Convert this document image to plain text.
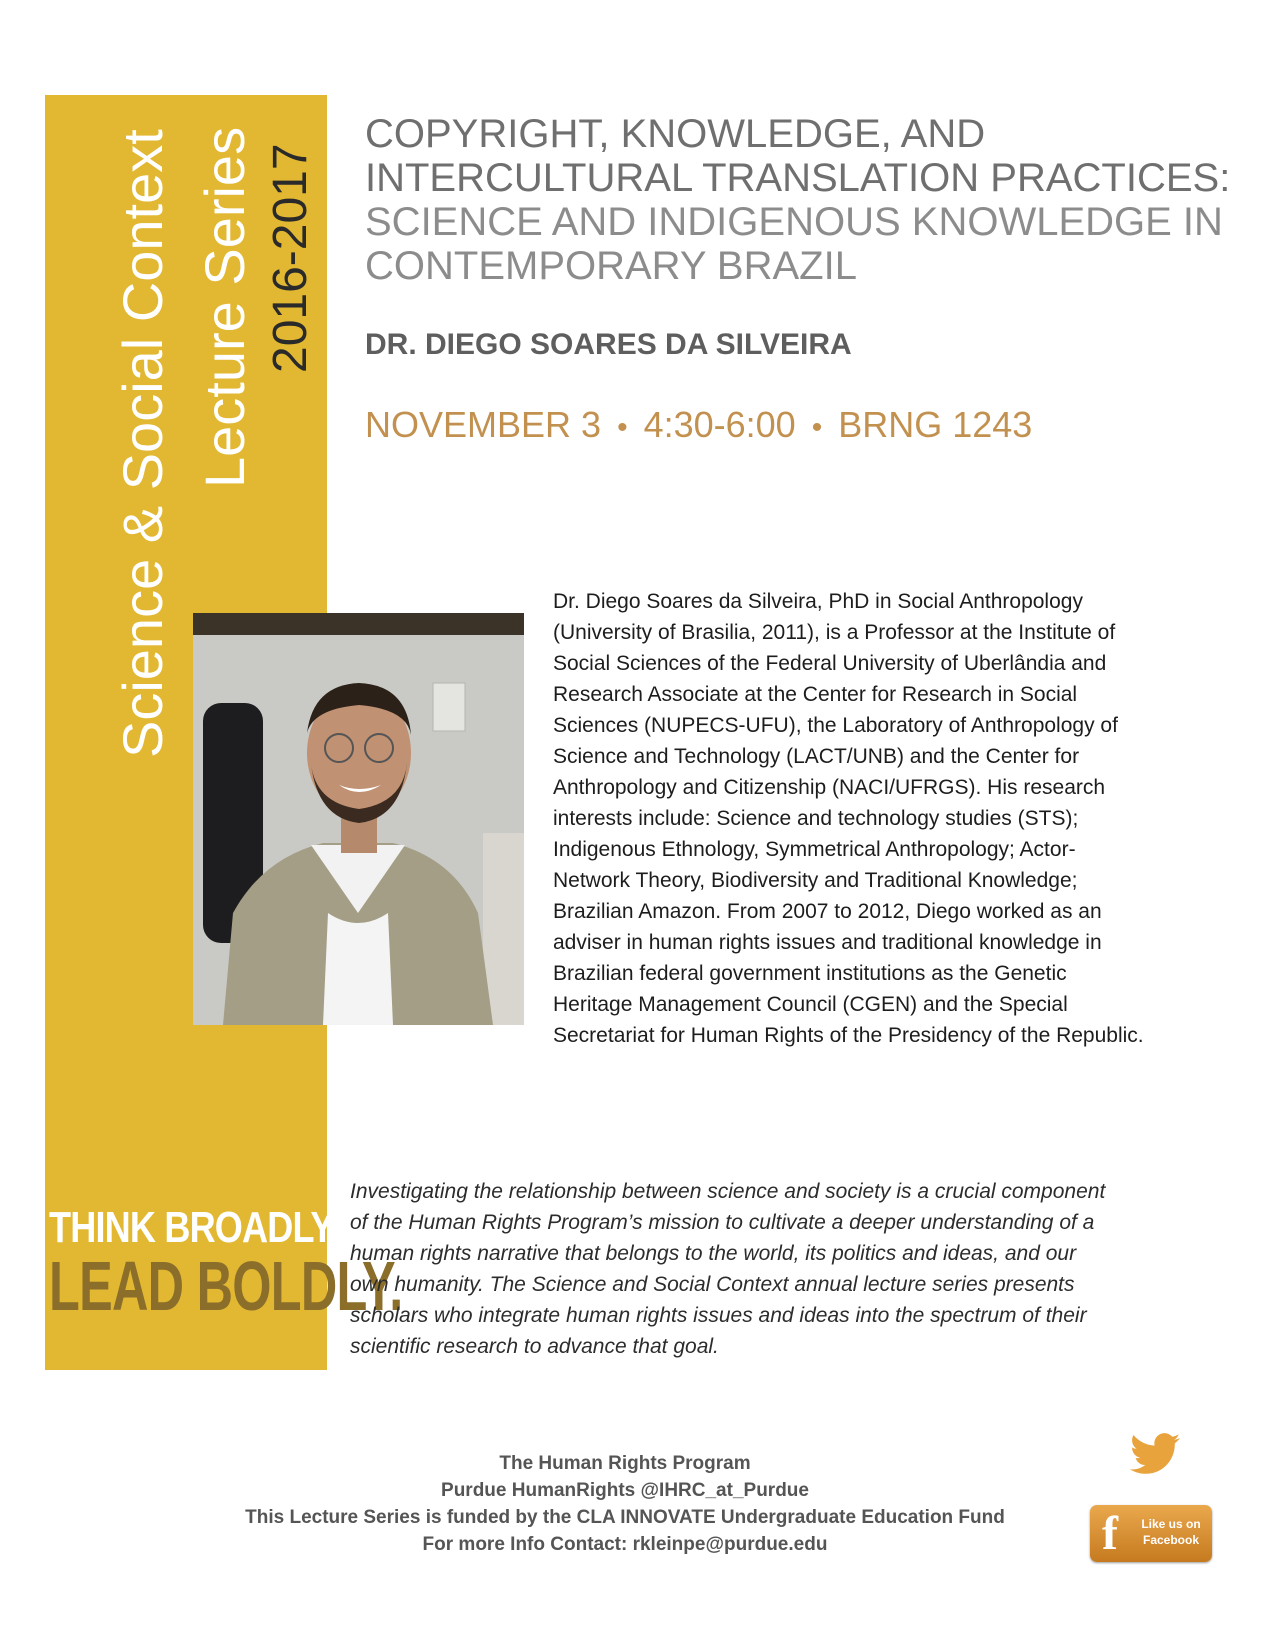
Science & Social Context Lecture Series 2016-2017
THINK BROADLY.
LEAD BOLDLY.
COPYRIGHT, KNOWLEDGE, AND
INTERCULTURAL TRANSLATION PRACTICES:
SCIENCE AND INDIGENOUS KNOWLEDGE IN
CONTEMPORARY BRAZIL
DR. DIEGO SOARES DA SILVEIRA
NOVEMBER 3 • 4:30-6:00 • BRNG 1243
Dr. Diego Soares da Silveira, PhD in Social Anthropology
(University of Brasilia, 2011), is a Professor at the Institute of
Social Sciences of the Federal University of Uberlândia and
Research Associate at the Center for Research in Social
Sciences (NUPECS-UFU), the Laboratory of Anthropology of
Science and Technology (LACT/UNB) and the Center for
Anthropology and Citizenship (NACI/UFRGS). His research
interests include: Science and technology studies (STS);
Indigenous Ethnology, Symmetrical Anthropology; Actor-
Network Theory, Biodiversity and Traditional Knowledge;
Brazilian Amazon. From 2007 to 2012, Diego worked as an
adviser in human rights issues and traditional knowledge in
Brazilian federal government institutions as the Genetic
Heritage Management Council (CGEN) and the Special
Secretariat for Human Rights of the Presidency of the Republic.
Investigating the relationship between science and society is a crucial component
of the Human Rights Program’s mission to cultivate a deeper understanding of a
human rights narrative that belongs to the world, its politics and ideas, and our
own humanity. The Science and Social Context annual lecture series presents
scholars who integrate human rights issues and ideas into the spectrum of their
scientific research to advance that goal.
The Human Rights Program
Purdue HumanRights @IHRC_at_Purdue
This Lecture Series is funded by the CLA INNOVATE Undergraduate Education Fund
For more Info Contact: rkleinpe@purdue.edu	f	Like us on
Facebook
